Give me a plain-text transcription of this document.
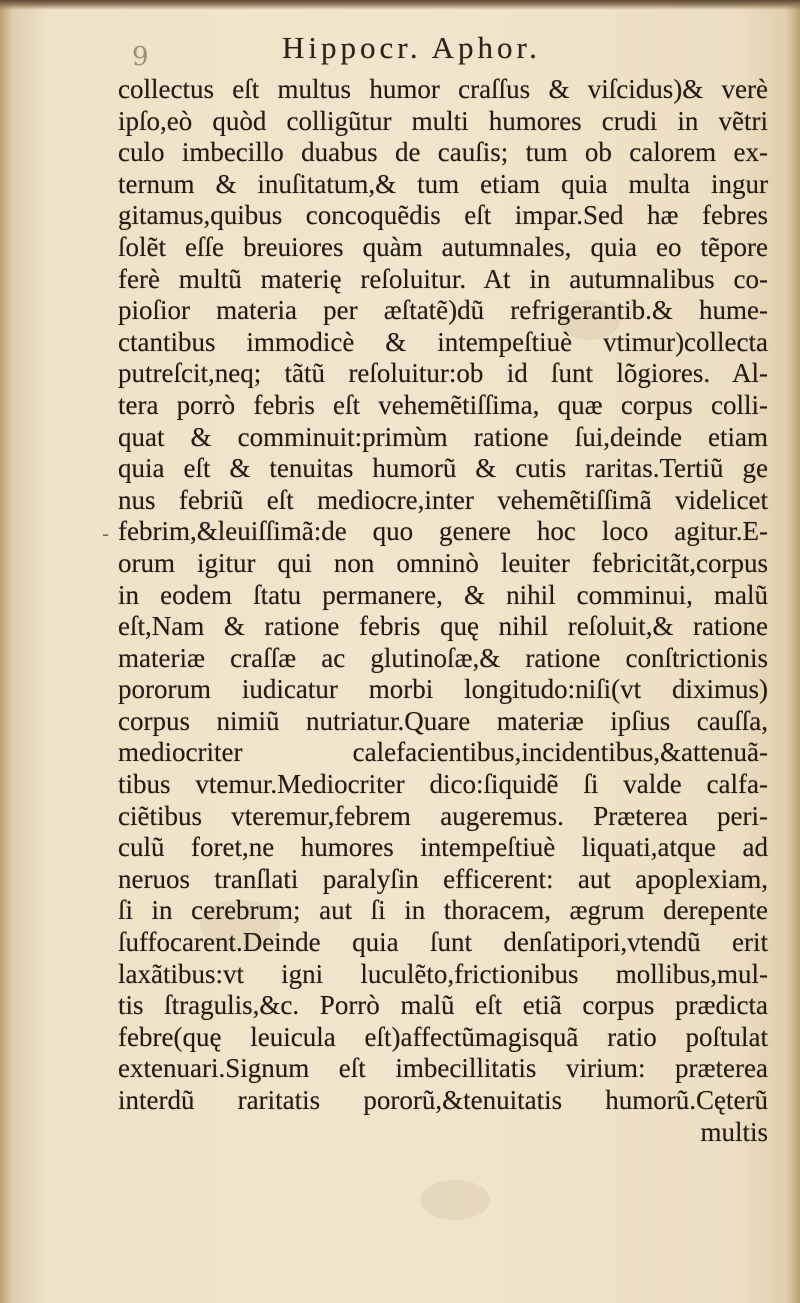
9	Hippocr. Aphor.
-
collectus eſt multus humor craſſus & viſcidus)& verè
ipſo,eò quòd colligũtur multi humores crudi in vẽtri
culo imbecillo duabus de cauſis; tum ob calorem ex-
ternum & inuſitatum,& tum etiam quia multa ingur
gitamus,quibus concoquẽdis eſt impar.Sed hæ febres
ſolẽt eſſe breuiores quàm autumnales, quia eo tẽpore
ferè multũ materię reſoluitur. At in autumnalibus co-
pioſior materia per æſtatẽ)dũ refrigerantib.& hume-
ctantibus immodicè & intempeſtiuè vtimur)collecta
putreſcit,neq; tãtũ reſoluitur:ob id ſunt lõgiores. Al-
tera porrò febris eſt vehemẽtiſſima, quæ corpus colli-
quat & comminuit:primùm ratione ſui,deinde etiam
quia eſt & tenuitas humorũ & cutis raritas.Tertiũ ge
nus febriũ eſt mediocre,inter vehemẽtiſſimã videlicet
febrim,&leuiſſimã:de quo genere hoc loco agitur.E-
orum igitur qui non omninò leuiter febricitãt,corpus
in eodem ſtatu permanere, & nihil comminui, malũ
eſt,Nam & ratione febris quę nihil reſoluit,& ratione
materiæ craſſæ ac glutinoſæ,& ratione conſtrictionis
pororum iudicatur morbi longitudo:niſi(vt diximus)
corpus nimiũ nutriatur.Quare materiæ ipſius cauſſa,
mediocriter calefacientibus,incidentibus,&attenuã-
tibus vtemur.Mediocriter dico:ſiquidẽ ſi valde calfa-
ciẽtibus vteremur,febrem augeremus. Præterea peri-
culũ foret,ne humores intempeſtiuè liquati,atque ad
neruos tranſlati paralyſin efficerent: aut apoplexiam,
ſi in cerebrum; aut ſi in thoracem, ægrum derepente
ſuffocarent.Deinde quia ſunt denſatipori,vtendũ erit
laxãtibus:vt igni luculẽto,frictionibus mollibus,mul-
tis ſtragulis,&c. Porrò malũ eſt etiã corpus prædicta
febre(quę leuicula eſt)affectũmagisquã ratio poſtulat
extenuari.Signum eſt imbecillitatis virium: præterea
interdũ raritatis pororũ,&tenuitatis humorũ.Cęterũ
multis
